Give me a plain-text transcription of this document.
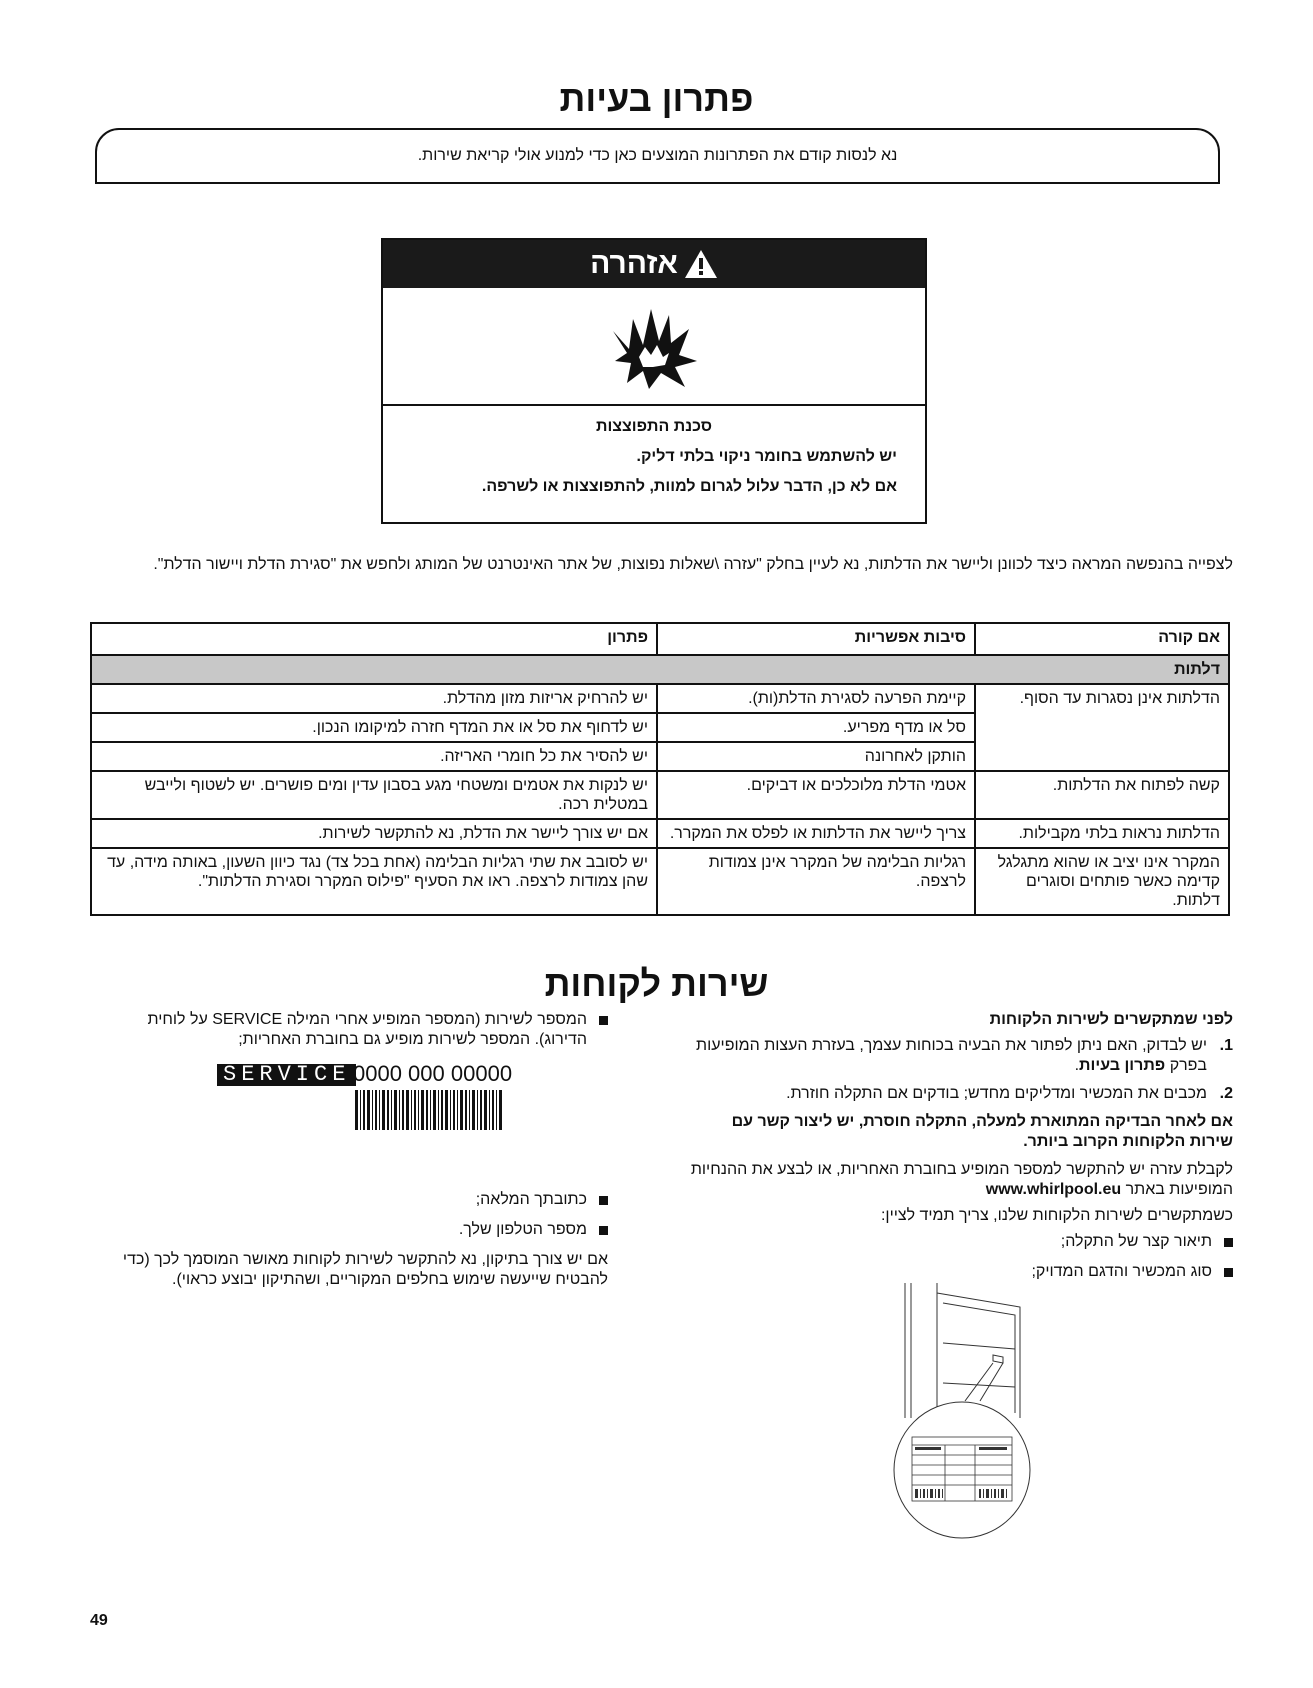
פתרון בעיות
נא לנסות קודם את הפתרונות המוצעים כאן כדי למנוע אולי קריאת שירות.
אזהרה
סכנת התפוצצות
יש להשתמש בחומר ניקוי בלתי דליק.
אם לא כן, הדבר עלול לגרום למוות, להתפוצצות או לשרפה.

לצפייה בהנפשה המראה כיצד לכוונן וליישר את הדלתות, נא לעיין בחלק "עזרה \שאלות נפוצות, של אתר האינטרנט של המותג ולחפש את "סגירת הדלת ויישור הדלת".

אם קורה	סיבות אפשריות	פתרון
דלתות		
הדלתות אינן נסגרות עד הסוף.	קיימת הפרעה לסגירת הדלת(ות).	יש להרחיק אריזות מזון מהדלת.
	סל או מדף מפריע.	יש לדחוף את סל או את המדף חזרה למיקומו הנכון.
	הותקן לאחרונה	יש להסיר את כל חומרי האריזה.
קשה לפתוח את הדלתות.	אטמי הדלת מלוכלכים או דביקים.	יש לנקות את אטמים ומשטחי מגע בסבון עדין ומים פושרים. יש לשטוף ולייבש במטלית רכה.
הדלתות נראות בלתי מקבילות.	צריך ליישר את הדלתות או לפלס את המקרר.	אם יש צורך ליישר את הדלת, נא להתקשר לשירות.
המקרר אינו יציב או שהוא מתגלגל קדימה כאשר פותחים וסוגרים דלתות.	רגליות הבלימה של המקרר אינן צמודות לרצפה.	יש לסובב את שתי רגליות הבלימה (אחת בכל צד) נגד כיוון השעון, באותה מידה, עד שהן צמודות לרצפה. ראו את הסעיף "פילוס המקרר וסגירת הדלתות".
שירות לקוחות
לפני שמתקשרים לשירות הלקוחות
1.
יש לבדוק, האם ניתן לפתור את הבעיה בכוחות עצמך, בעזרת העצות המופיעות בפרק פתרון בעיות.
2.
מכבים את המכשיר ומדליקים מחדש; בודקים אם התקלה חוזרת.
אם לאחר הבדיקה המתוארת למעלה, התקלה חוסרת, יש ליצור קשר עם שירות הלקוחות הקרוב ביותר.

לקבלת עזרה יש להתקשר למספר המופיע בחוברת האחריות, או לבצע את ההנחיות המופיעות באתר www.whirlpool.eu

כשמתקשרים לשירות הלקוחות שלנו, צריך תמיד לציין:

תיאור קצר של התקלה;
סוג המכשיר והדגם המדויק;
המספר לשירות (המספר המופיע אחרי המילה SERVICE על לוחית הדירוג). המספר לשירות מופיע גם בחוברת האחריות;
SERVICE 0000 000 00000
כתובתך המלאה;
מספר הטלפון שלך.

אם יש צורך בתיקון, נא להתקשר לשירות לקוחות מאושר המוסמך לכך (כדי להבטיח שייעשה שימוש בחלפים המקוריים, ושהתיקון יבוצע כראוי).

49
